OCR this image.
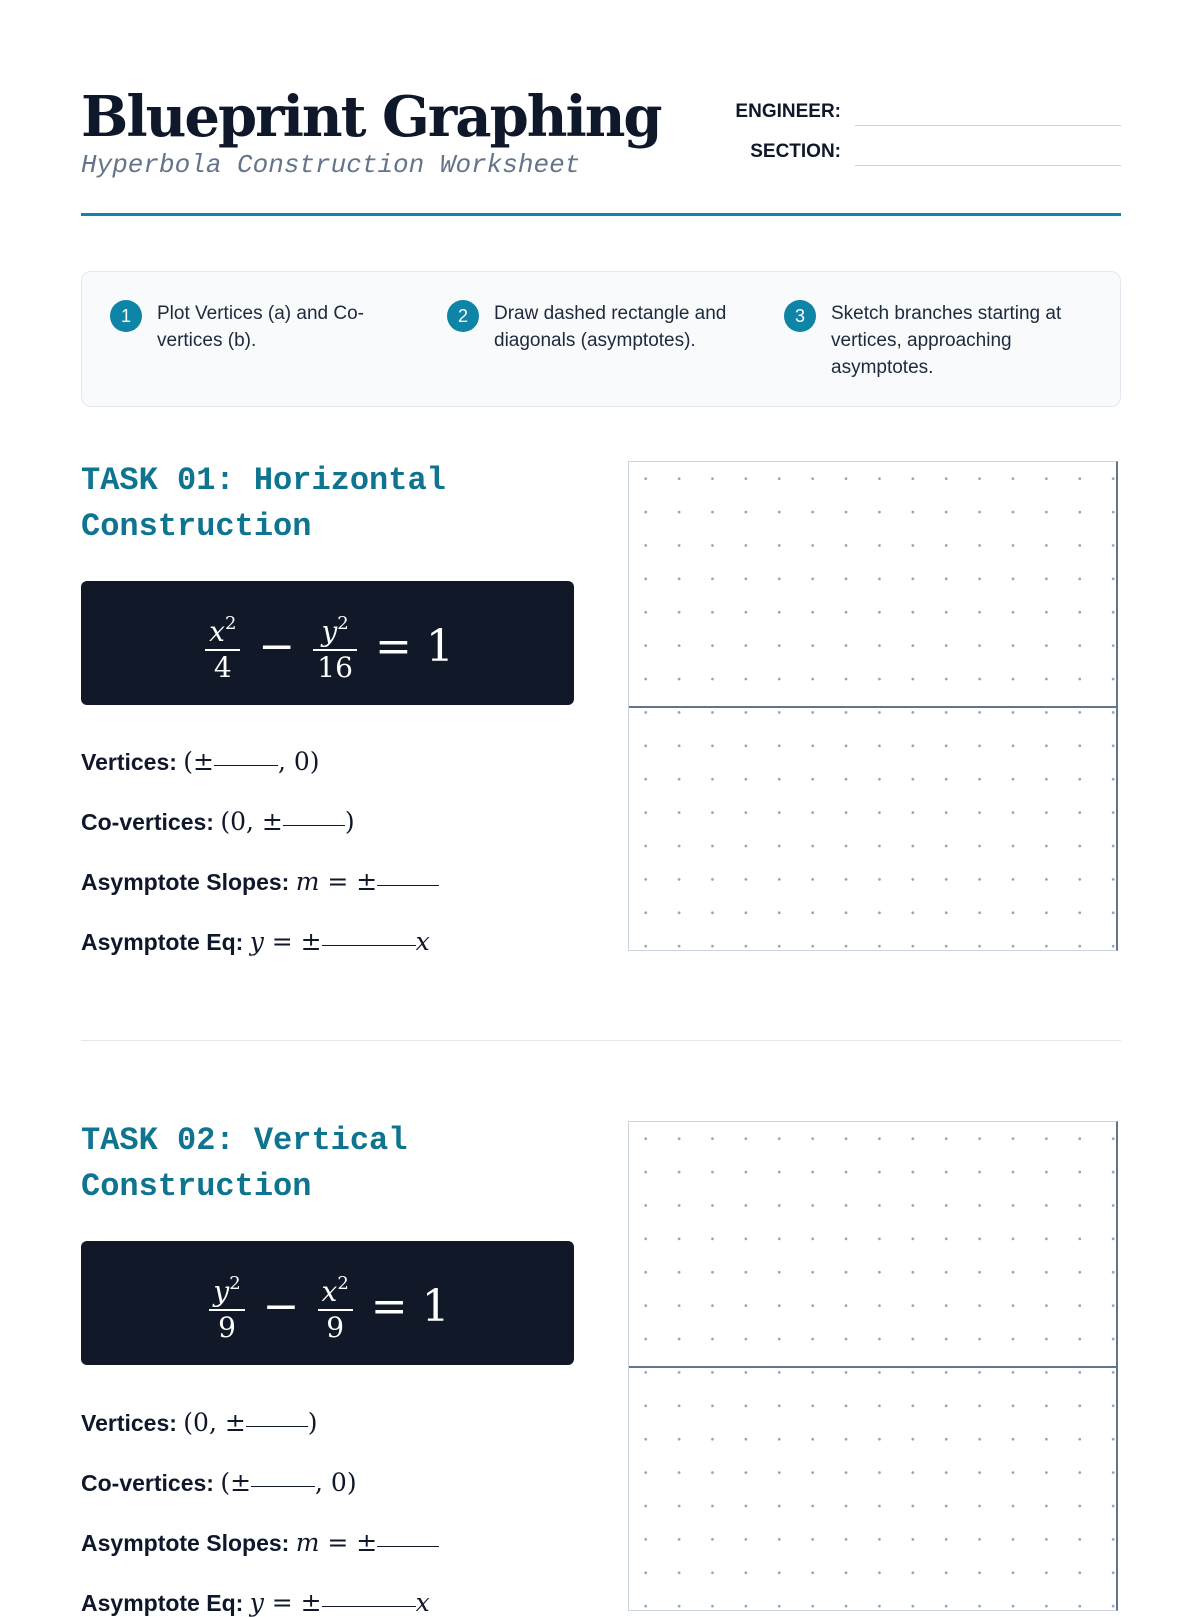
Blueprint Graphing
Hyperbola Construction Worksheet
ENGINEER:
SECTION:
1	Plot Vertices (a) and Co-vertices (b).
2	Draw dashed rectangle and diagonals (asymptotes).
3	Sketch branches starting at vertices, approaching asymptotes.
TASK 01: Horizontal Construction
$\frac{x^2}{4} - \frac{y^2}{16} = 1$
Vertices: (±	, 0)
Co-vertices: (0, ± )
Asymptote Slopes: m = ±
Asymptote Eq: y = ±	x
TASK 02: Vertical Construction
$\frac{y^2}{9} - \frac{x^2}{9} = 1$
Vertices: (0, ± )
Co-vertices: (±	, 0)
Asymptote Slopes: m = ±
Asymptote Eq: y = ±	x
